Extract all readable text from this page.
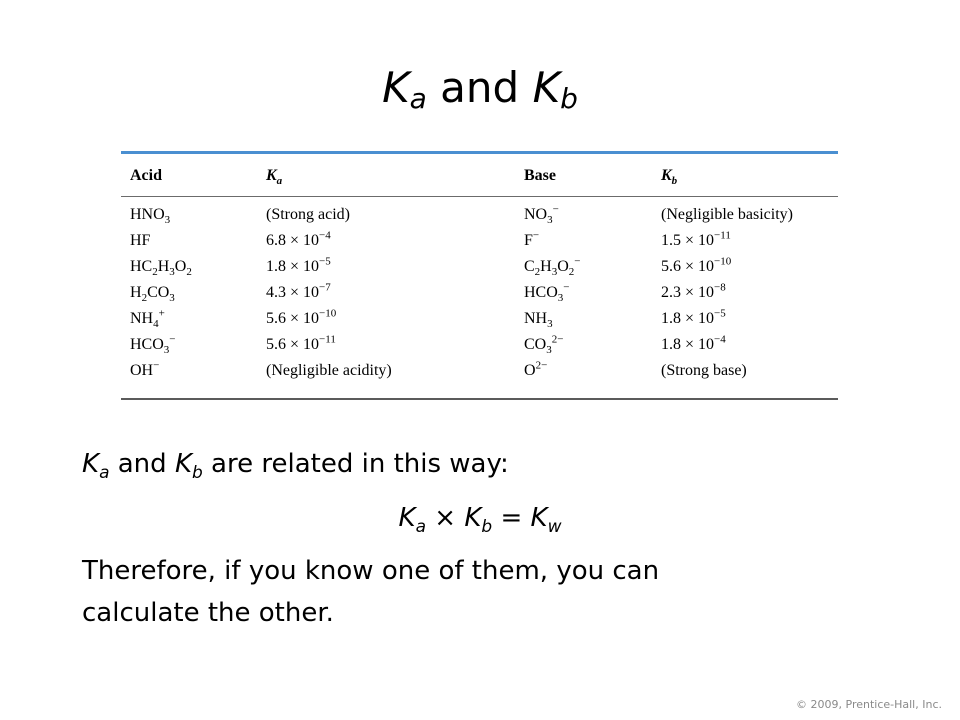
$K_a$ and $K_b$
Acid	$K_a$	Base	$K_b$
$HNO_3$	(Strong acid)	$NO_3^-$	(Negligible basicity)
HF	$6.8 \times 10^{-4}$	F−	$1.5 \times 10^{-11}$
$HC_2H_3O_2$	$1.8 \times 10^{-5}$	$C_2H_3O_2^-$	$5.6 \times 10^{-10}$
$H_2CO_3$	$4.3 \times 10^{-7}$	$HCO_3^-$	$2.3 \times 10^{-8}$
$NH_4^+$	$5.6 \times 10^{-10}$	$NH_3$	$1.8 \times 10^{-5}$
$HCO_3^-$	$5.6 \times 10^{-11}$	$CO_3^{2-}$	$1.8 \times 10^{-4}$
OH−	(Negligible acidity)	$O^{2-}$	(Strong base)
$K_a$ and $K_b$ are related in this way:
$K_a \times K_b = K_w$
Therefore, if you know one of them, you can
calculate the other.
© 2009, Prentice-Hall, Inc.
